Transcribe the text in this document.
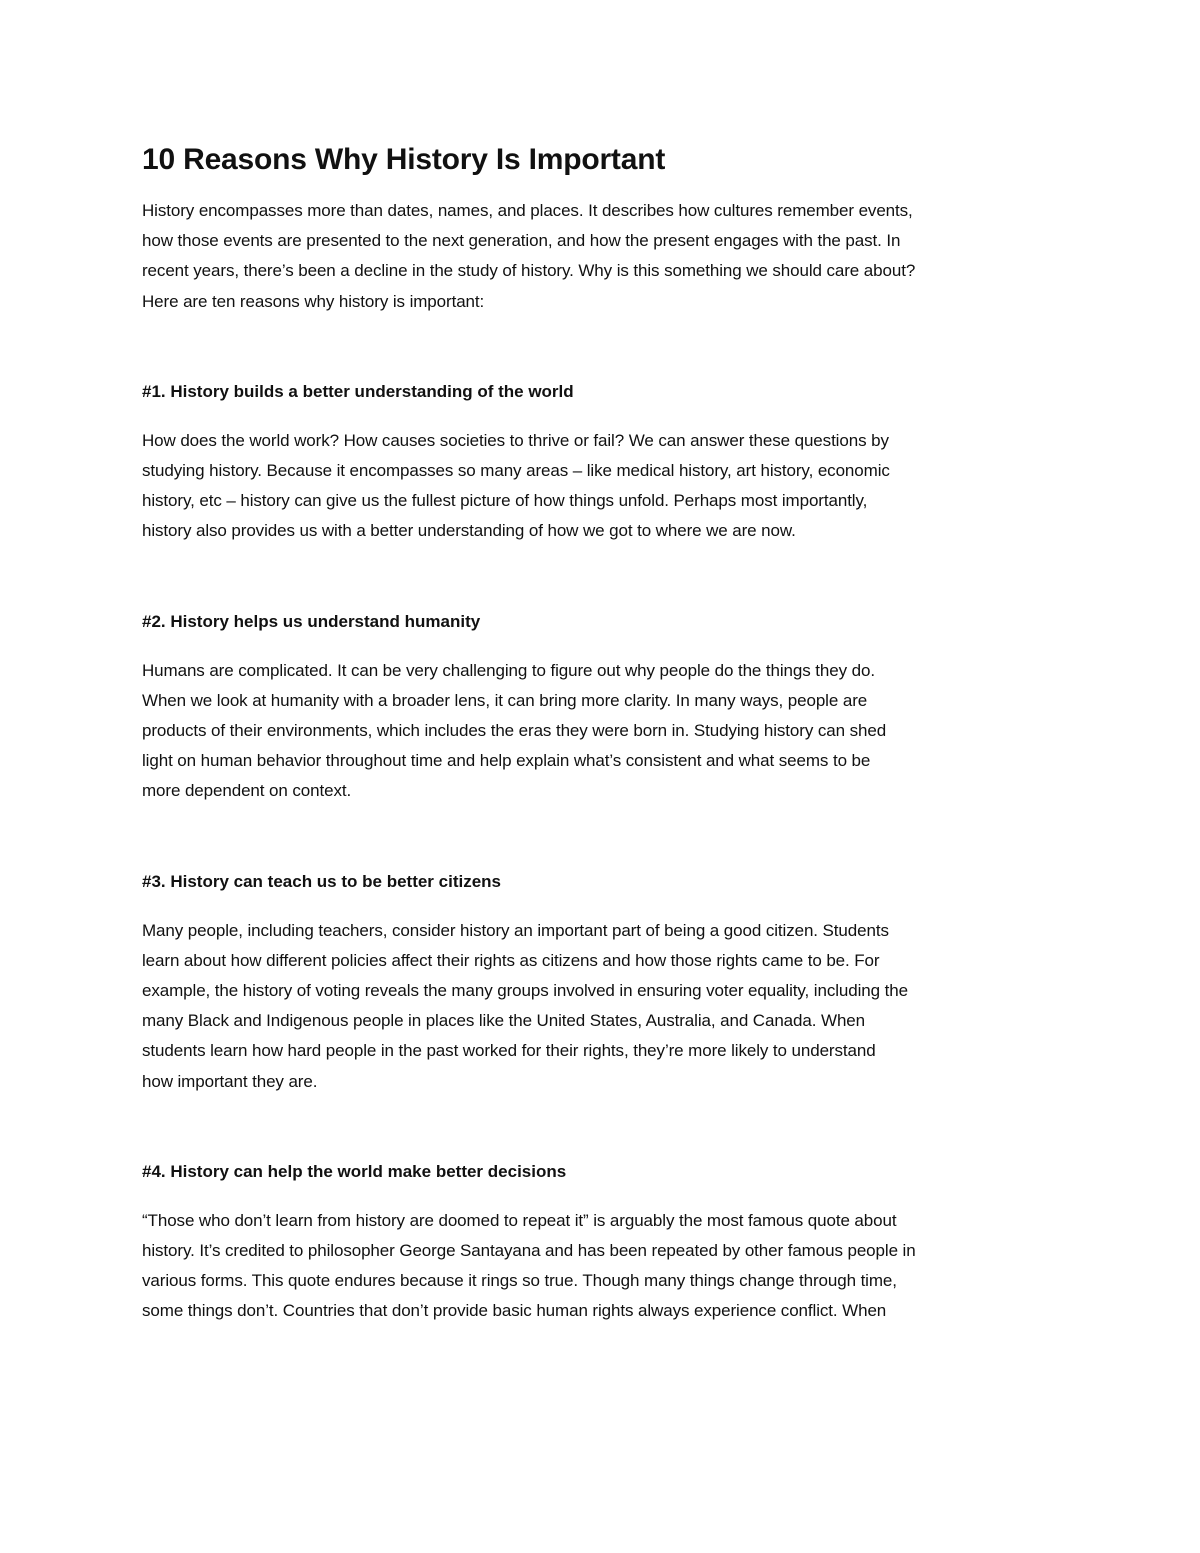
10 Reasons Why History Is Important

History encompasses more than dates, names, and places. It describes how cultures remember events,
how those events are presented to the next generation, and how the present engages with the past. In
recent years, there’s been a decline in the study of history. Why is this something we should care about?
Here are ten reasons why history is important:

#1. History builds a better understanding of the world

How does the world work? How causes societies to thrive or fail? We can answer these questions by
studying history. Because it encompasses so many areas – like medical history, art history, economic
history, etc – history can give us the fullest picture of how things unfold. Perhaps most importantly,
history also provides us with a better understanding of how we got to where we are now.

#2. History helps us understand humanity

Humans are complicated. It can be very challenging to figure out why people do the things they do.
When we look at humanity with a broader lens, it can bring more clarity. In many ways, people are
products of their environments, which includes the eras they were born in. Studying history can shed
light on human behavior throughout time and help explain what’s consistent and what seems to be
more dependent on context.

#3. History can teach us to be better citizens

Many people, including teachers, consider history an important part of being a good citizen. Students
learn about how different policies affect their rights as citizens and how those rights came to be. For
example, the history of voting reveals the many groups involved in ensuring voter equality, including the
many Black and Indigenous people in places like the United States, Australia, and Canada. When
students learn how hard people in the past worked for their rights, they’re more likely to understand
how important they are.

#4. History can help the world make better decisions

“Those who don’t learn from history are doomed to repeat it” is arguably the most famous quote about
history. It’s credited to philosopher George Santayana and has been repeated by other famous people in
various forms. This quote endures because it rings so true. Though many things change through time,
some things don’t. Countries that don’t provide basic human rights always experience conflict. When
